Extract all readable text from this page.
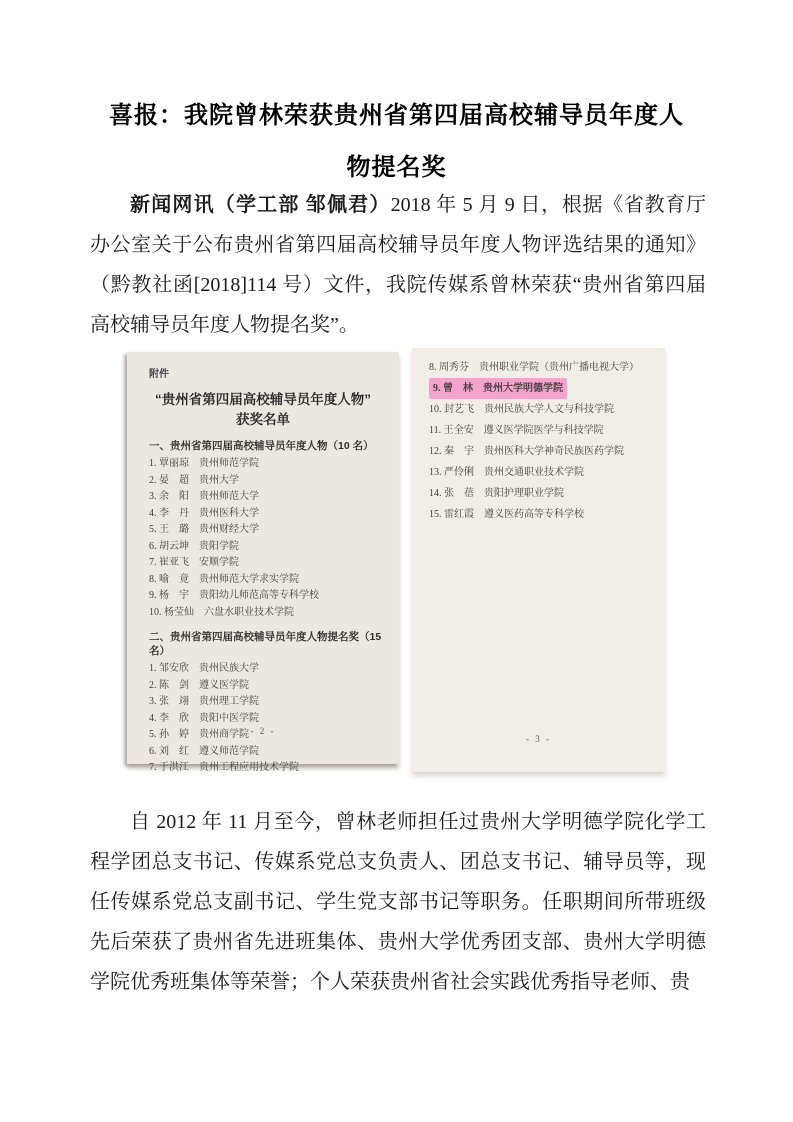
喜报：我院曾林荣获贵州省第四届高校辅导员年度人
物提名奖

新闻网讯（学工部 邹佩君）2018 年 5 月 9 日，根据《省教育厅办公室关于公布贵州省第四届高校辅导员年度人物评选结果的通知》（黔教社函[2018]114 号）文件，我院传媒系曾林荣获“贵州省第四届高校辅导员年度人物提名奖”。

附件
“贵州省第四届高校辅导员年度人物”
获奖名单
一、贵州省第四届高校辅导员年度人物（10 名）
1. 覃丽琼　贵州师范学院
2. 晏　超　贵州大学
3. 余　阳　贵州师范大学
4. 李　丹　贵州医科大学
5. 王　璐　贵州财经大学
6. 胡云坤　贵阳学院
7. 崔亚飞　安顺学院
8. 喻　竟　贵州师范大学求实学院
9. 杨　宇　贵阳幼儿师范高等专科学校
10. 杨莹仙　六盘水职业技术学院
二、贵州省第四届高校辅导员年度人物提名奖（15 名）
1. 邹安欣　贵州民族大学
2. 陈　剑　遵义医学院
3. 张　翊　贵州理工学院
4. 李　欣　贵阳中医学院
5. 孙　婷　贵州商学院
6. 刘　红　遵义师范学院
7. 于洪江　贵州工程应用技术学院
- 2 -
8. 周秀芬　贵州职业学院（贵州广播电视大学）
9. 曾　林　贵州大学明德学院
10. 封艺飞　贵州民族大学人文与科技学院
11. 王全安　遵义医学院医学与科技学院
12. 秦　宇　贵州医科大学神奇民族医药学院
13. 严伶俐　贵州交通职业技术学院
14. 张　蓓　贵阳护理职业学院
15. 雷红霞　遵义医药高等专科学校
- 3 -

自 2012 年 11 月至今，曾林老师担任过贵州大学明德学院化学工程学团总支书记、传媒系党总支负责人、团总支书记、辅导员等，现任传媒系党总支副书记、学生党支部书记等职务。任职期间所带班级先后荣获了贵州省先进班集体、贵州大学优秀团支部、贵州大学明德学院优秀班集体等荣誉；个人荣获贵州省社会实践优秀指导老师、贵
